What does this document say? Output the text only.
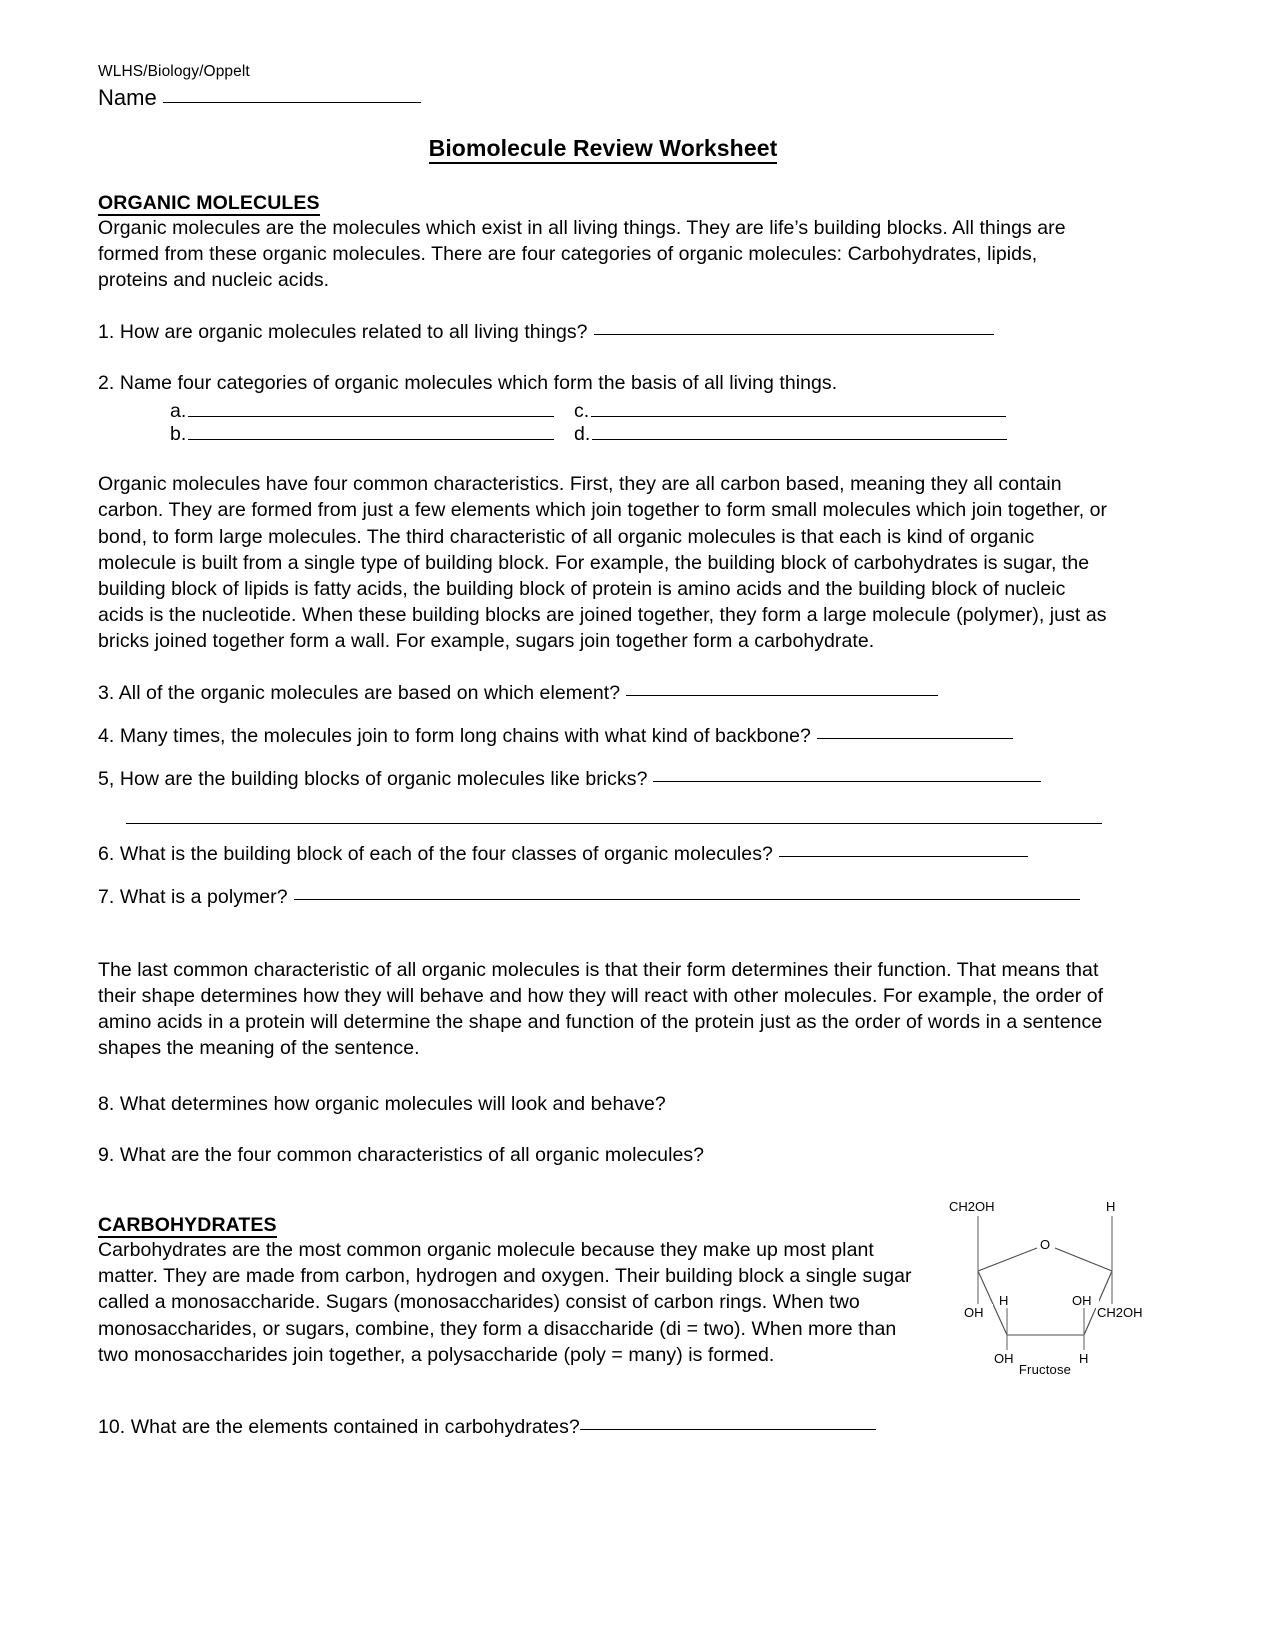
WLHS/Biology/Oppelt
Name
Biomolecule Review Worksheet
ORGANIC MOLECULES

Organic molecules are the molecules which exist in all living things. They are life’s building blocks. All things are formed from these organic molecules. There are four categories of organic molecules: Carbohydrates, lipids, proteins and nucleic acids.

1. How are organic molecules related to all living things?
2. Name four categories of organic molecules which form the basis of all living things.
a.	c.
b.	d.

Organic molecules have four common characteristics. First, they are all carbon based, meaning they all contain carbon. They are formed from just a few elements which join together to form small molecules which join together, or bond, to form large molecules. The third characteristic of all organic molecules is that each is kind of organic molecule is built from a single type of building block. For example, the building block of carbohydrates is sugar, the building block of lipids is fatty acids, the building block of protein is amino acids and the building block of nucleic acids is the nucleotide. When these building blocks are joined together, they form a large molecule (polymer), just as bricks joined together form a wall. For example, sugars join together form a carbohydrate.

3. All of the organic molecules are based on which element?
4. Many times, the molecules join to form long chains with what kind of backbone?
5, How are the building blocks of organic molecules like bricks?
6. What is the building block of each of the four classes of organic molecules?
7. What is a polymer?

The last common characteristic of all organic molecules is that their form determines their function. That means that their shape determines how they will behave and how they will react with other molecules. For example, the order of amino acids in a protein will determine the shape and function of the protein just as the order of words in a sentence shapes the meaning of the sentence.

8. What determines how organic molecules will look and behave?
9. What are the four common characteristics of all organic molecules?
CARBOHYDRATES

Carbohydrates are the most common organic molecule because they make up most plant matter. They are made from carbon, hydrogen and oxygen. Their building block a single sugar called a monosaccharide. Sugars (monosaccharides) consist of carbon rings. When two monosaccharides, or sugars, combine, they form a disaccharide (di = two). When more than two monosaccharides join together, a polysaccharide (poly = many) is formed.

10. What are the elements contained in carbohydrates?
CH2OH
O
H
OH
H	OH
CH2OH
OH	H
Fructose
